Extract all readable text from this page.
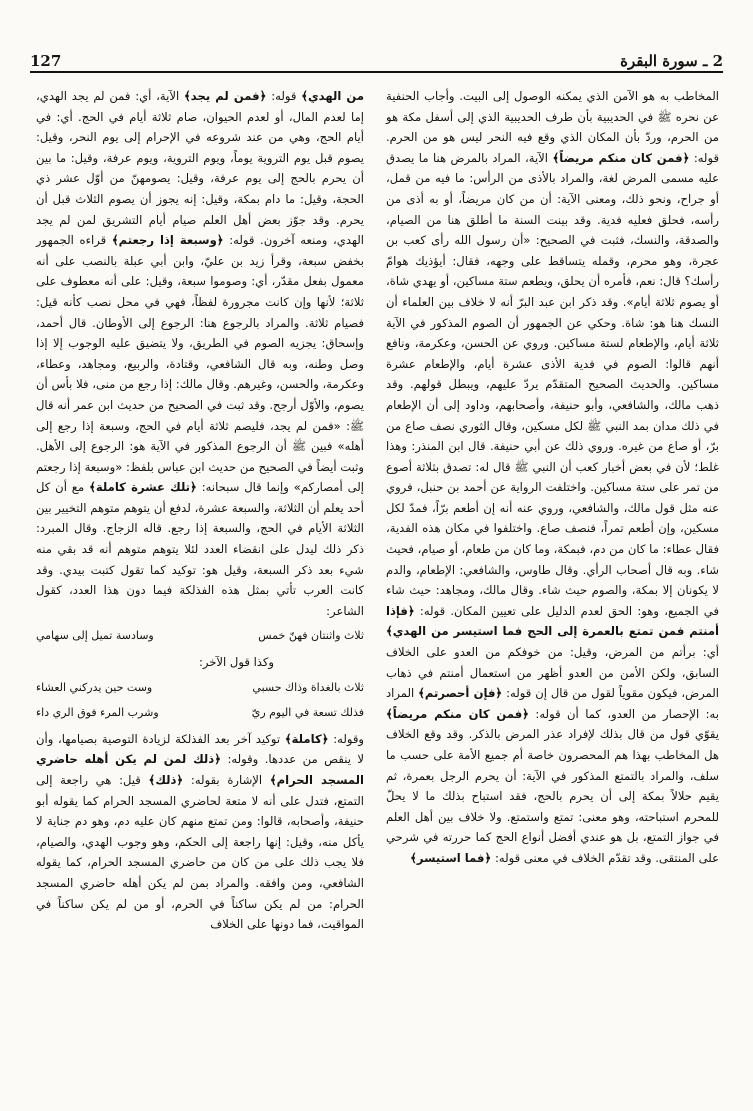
127	2 ـ سورة البقرة

المخاطب به هو الآمن الذي يمكنه الوصول إلى البيت. وأجاب الحنفية عن نحره ﷺ في الحديبية بأن طرف الحديبية الذي إلى أسفل مكة هو من الحرم، وردّ بأن المكان الذي وقع فيه النحر ليس هو من الحرم. قوله: ﴿فمن كان منكم مريضاً﴾ الآية، المراد بالمرض هنا ما يصدق عليه مسمى المرض لغة، والمراد بالأذى من الرأس: ما فيه من قمل، أو جراح، ونحو ذلك، ومعنى الآية: أن من كان مريضاً، أو به أذى من رأسه، فحلق فعليه فدية. وقد بينت السنة ما أطلق هنا من الصيام، والصدقة، والنسك، فثبت في الصحيح: «أن رسول الله رأى كعب بن عجرة، وهو محرم، وقمله يتساقط على وجهه، فقال: أيؤذيك هوامّ رأسك؟ قال: نعم، فأمره أن يحلق، ويطعم ستة مساكين، أو يهدي شاة، أو يصوم ثلاثة أيام». وقد ذكر ابن عبد البرّ أنه لا خلاف بين العلماء أن النسك هنا هو: شاة. وحكي عن الجمهور أن الصوم المذكور في الآية ثلاثة أيام، والإطعام لستة مساكين. وروي عن الحسن، وعكرمة، ونافع أنهم قالوا: الصوم في فدية الأذى عشرة أيام، والإطعام عشرة مساكين. والحديث الصحيح المتقدّم يردّ عليهم، ويبطل قولهم. وقد ذهب مالك، والشافعي، وأبو حنيفة، وأصحابهم، وداود إلى أن الإطعام في ذلك مدان بمد النبي ﷺ لكل مسكين، وقال الثوري نصف صاع من برّ، أو صاع من غيره. وروي ذلك عن أبي حنيفة. قال ابن المنذر: وهذا غلط؛ لأن في بعض أخبار كعب أن النبي ﷺ قال له: تصدق بثلاثة أصوع من تمر على ستة مساكين. واختلفت الرواية عن أحمد بن حنبل، فروي عنه مثل قول مالك، والشافعي، وروي عنه أنه إن أطعم برّاً، فمدّ لكل مسكين، وإن أطعم تمراً، فنصف صاع. واختلفوا في مكان هذه الفدية، فقال عطاء: ما كان من دم، فبمكة، وما كان من طعام، أو صيام، فحيث شاء. وبه قال أصحاب الرأي. وقال طاوس، والشافعي: الإطعام، والدم لا يكونان إلا بمكة، والصوم حيث شاء. وقال مالك، ومجاهد: حيث شاء في الجميع، وهو: الحق لعدم الدليل على تعيين المكان. قوله: ﴿فإذا أمنتم فمن تمتع بالعمرة إلى الحج فما استيسر من الهدي﴾ أي: برأتم من المرض، وقيل: من خوفكم من العدو على الخلاف السابق، ولكن الأمن من العدو أظهر من استعمال أمنتم في ذهاب المرض، فيكون مقوياً لقول من قال إن قوله: ﴿فإن أحصرتم﴾ المراد به: الإحصار من العدو، كما أن قوله: ﴿فمن كان منكم مريضاً﴾ يقوّي قول من قال بذلك لإفراد عذر المرض بالذكر. وقد وقع الخلاف هل المخاطب بهذا هم المحصرون خاصة أم جميع الأمة على حسب ما سلف، والمراد بالتمتع المذكور في الآية: أن يحرم الرجل بعمرة، ثم يقيم حلالاً بمكة إلى أن يحرم بالحج، فقد استباح بذلك ما لا يحلّ للمحرم استباحته، وهو معنى: تمتع واستمتع. ولا خلاف بين أهل العلم في جواز التمتع، بل هو عندي أفضل أنواع الحج كما حررته في شرحي على المنتقى. وقد تقدّم الخلاف في معنى قوله: ﴿فما استيسر﴾

من الهدي﴾ قوله: ﴿فمن لم يجد﴾ الآية، أي: فمن لم يجد الهدي، إما لعدم المال، أو لعدم الحيوان، صام ثلاثة أيام في الحج. أي: في أيام الحج، وهي من عند شروعه في الإحرام إلى يوم النحر، وقيل: يصوم قبل يوم التروية يوماً، ويوم التروية، ويوم عرفة، وقيل: ما بين أن يحرم بالحج إلى يوم عرفة، وقيل: يصومهنّ من أوّل عشر ذي الحجة، وقيل: ما دام بمكة، وقيل: إنه يجوز أن يصوم الثلاث قبل أن يحرم. وقد جوّز بعض أهل العلم صيام أيام التشريق لمن لم يجد الهدي، ومنعه آخرون. قوله: ﴿وسبعة إذا رجعتم﴾ قراءه الجمهور بخفض سبعة، وقرأ زيد بن عليّ، وابن أبي عبلة بالنصب على أنه معمول بفعل مقدّر، أي: وصوموا سبعة، وقيل: على أنه معطوف على ثلاثة؛ لأنها وإن كانت مجرورة لفظاً، فهي في محل نصب كأنه قيل: فصيام ثلاثة. والمراد بالرجوع هنا: الرجوع إلى الأوطان. قال أحمد، وإسحاق: يجزيه الصوم في الطريق، ولا يتضيق عليه الوجوب إلا إذا وصل وطنه، وبه قال الشافعي، وقتادة، والربيع، ومجاهد، وعطاء، وعكرمة، والحسن، وغيرهم. وقال مالك: إذا رجع من منى، فلا بأس أن يصوم، والأوّل أرجح. وقد ثبت في الصحيح من حديث ابن عمر أنه قال ﷺ: «فمن لم يجد، فليصم ثلاثة أيام في الحج، وسبعة إذا رجع إلى أهله» فبين ﷺ أن الرجوع المذكور في الآية هو: الرجوع إلى الأهل. وثبت أيضاً في الصحيح من حديث ابن عباس بلفظ: «وسبعة إذا رجعتم إلى أمصاركم» وإنما قال سبحانه: ﴿تلك عشرة كاملة﴾ مع أن كل أحد يعلم أن الثلاثة، والسبعة عشرة، لدفع أن يتوهم متوهم التخيير بين الثلاثة الأيام في الحج، والسبعة إذا رجع. قاله الزجاج. وقال المبرد: ذكر ذلك ليدل على انقضاء العدد لئلا يتوهم متوهم أنه قد بقي منه شيء بعد ذكر السبعة، وقيل هو: توكيد كما تقول كتبت بيدي. وقد كانت العرب تأتي بمثل هذه الفذلكة فيما دون هذا العدد، كقول الشاعر:

ثلاث واثنتان فهنّ خمس
وسادسة تميل إلى سهامي

وكذا قول الآخر:

ثلاث بالغداة وذاك حسبي
وست حين يدركني العشاء
فذلك تسعة في اليوم ريّ
وشرب المرء فوق الري داء

وقوله: ﴿كاملة﴾ توكيد آخر بعد الفذلكة لزيادة التوصية بصيامها، وأن لا ينقص من عددها. وقوله: ﴿ذلك لمن لم يكن أهله حاضري المسجد الحرام﴾ الإشارة بقوله: ﴿ذلك﴾ قيل: هي راجعة إلى التمتع، فتدل على أنه لا متعة لحاضري المسجد الحرام كما يقوله أبو حنيفة، وأصحابه، قالوا: ومن تمتع منهم كان عليه دم، وهو دم جناية لا يأكل منه، وقيل: إنها راجعة إلى الحكم، وهو وجوب الهدي، والصيام، فلا يجب ذلك على من كان من حاضري المسجد الحرام، كما يقوله الشافعي، ومن وافقه. والمراد بمن لم يكن أهله حاضري المسجد الحرام: من لم يكن ساكناً في الحرم، أو من لم يكن ساكناً في المواقيت، فما دونها على الخلاف
